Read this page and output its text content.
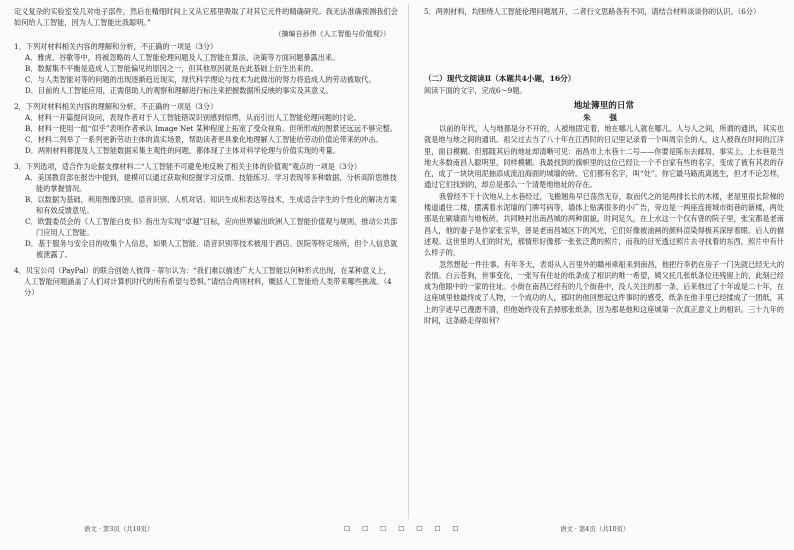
定义复杂的实验室发几对电子部件，然后在精细时间上又从它那里吸取了对其它元件的精确研究。我无法准确预测我们会如何给人工智能，因为人工智能比我聪明。”

（摘编自孙伟《人工智能与价值观》）

1．下列对材料相关内容的理解和分析，不正确的一项是（3分）

A．雅虎、谷歌等中，将被忽略的人工智能伦理问题及人工智能在算法、决策等方面问题暴露出来。

B．数据集不平衡是造成人工智能偏见的原因之一，但其他原因就是在此基础上衍生出来的。

C．与人类智能对等的问题的出现逐渐趋近现实，现代科学理论与技术为此做出的努力将造成人的劳动被取代。

D．目前的人工智能应用，正需借助人的观察和理解进行标注来把握数据所反映的事实及其意义。

2．下列对材料相关内容的理解和分析，不正确的一项是（3分）

A．材料一开篇提问设问，表现作者对于人工智能错误识别感到惊愕，从而引出人工智能伦理问题的讨论。

B．材料一使用一组“似乎”表明作者承认 Image Net 某种程度上拓宽了受众视角。但所形成的图景还远远不够完整。

C．材料二列举了一系列更新劳动主体的真实场景，帮助读者更具象化地理解人工智能给劳动价值论带来的冲击。

D．两则材料都提及人工智能数据采集主观性的问题，都体现了主体对科学伦理与价值实现的考量。

3．下列选项，适合作为论据支撑材料二“人工智能不可避免地反映了相关主体的价值观”观点的一项是（3分）

A．美国教育部在报告中提到，建模可以通过获取和挖掘学习反馈、技能练习、学习表现等多种数据，分析高阶思维技能的掌握情况。

B．以数据为基础，利用图像识别、语音识别、人机对话、知识生成和表达等技术，生成适合学生的个性化的解决方案和有效反馈意见。

C．欧盟委员会的《人工智能白皮书》指出为实现“卓越”目标，应向世界输出欧洲人工智能价值观与规则，推动公共部门应用人工智能。

D．基于服务与安全目的收集个人信息，如果人工智能、语音识别等技术被用于酒店、医院等特定场所，但个人信息就被泄露了。

4．贝宝公司（PayPal）的联合创始人彼得 · 蒂尔认为：“我们难以描述广大人工智能以何种形式出现，在某种意义上，人工智能问题涵盖了人们对计算机时代的所有希望与恐惧。”请结合两则材料，概括人工智能给人类带来哪些挑战。（4分）

语文 · 第3页（共10页）	□ □ □ □ □ □ □

5．两则材料，均围绕人工智能伦理问题展开，二者行文思路各有不同，请结合材料谈谈你的认识。（6分）

（二）现代文阅读Ⅱ（本题共4小题，16分）

阅读下面的文字，完成6～9题。

地址簿里的日常

朱 强

以前的年代，人与地都是分不开的，人被地固定着，地在哪儿人就在哪儿。人与人之间，所谓的通讯，其实也就是地与地之间的通讯。祖父过去当了八十年在江西时的日记里记录着一个叫周宗全的人，这人被我在时间的江洋里，面目模糊。但那随其后的地址却清晰可见：南昌市上水巷十二号——你要是陈东去邮局，事实上，上水巷是当地大多数南昌人聪明里，同样模糊。我最找到的旗帜里的这位已经让一个不自家有些的名字，变成了被有其表的存在，成了一块块用泥抽添成流泊海面的城墙的砖。它们都有名字，叫“处”。你它最马路流离逃生，但才不论怎样，通过它们找到的，却总是那么一个清楚地地址的存在。

我曾经不下十次地从上水巷经过，飞檐翘角早已荡然无存，取而代之的是两排长长的木楼，老屋里很长阶梯的楼道通往二楼，摆满着水泥墙的门牌号码等，墙体上贴满很多的小广告，旁边是一两座连接城市街巷的新楼，两处那是在刷墙面与地板砖，共同映衬出南昌城的两种面貌。时间足久，在上水这一个仅有曾的院子里，张宝都是老南昌人，他的妻子是作家张宝华，曾是老南昌城区下的风光，它们好像被油画的颜料渲染得极其深厚着眼。后人的描述观。这世里的人们的时光，那情形好像那一张张泛黄的照片，而我的目光透过照片去寻找着的东西，照片中有什么样子的。

忽然想起一件往事。有年冬天，表哥从入百里外的赣州乘船来到南昌，他把行李扔在房子一门先就已经无大的表情。白云苍狗，世事变化，一张写有住址的纸条成了相识的唯一希望，姨父托几张纸条位还残留上的，此刻已经成为他眼中的一家的住址。小街在南昌已经有的几个街巷中，没人关注的那一条，后来他过了十年或是二十年，在这座城里他最终成了人物，一个成功的人，那时的他回想起这件事时的感受，纸条在他手里已经揉成了一团纸，其上的字迹早已漫漶不清，但他始终没有丢掉那张纸条，因为那是他和这座城第一次真正意义上的相识。三十九年的时间，这条路走得如何？

语文 · 第4页（共10页）
